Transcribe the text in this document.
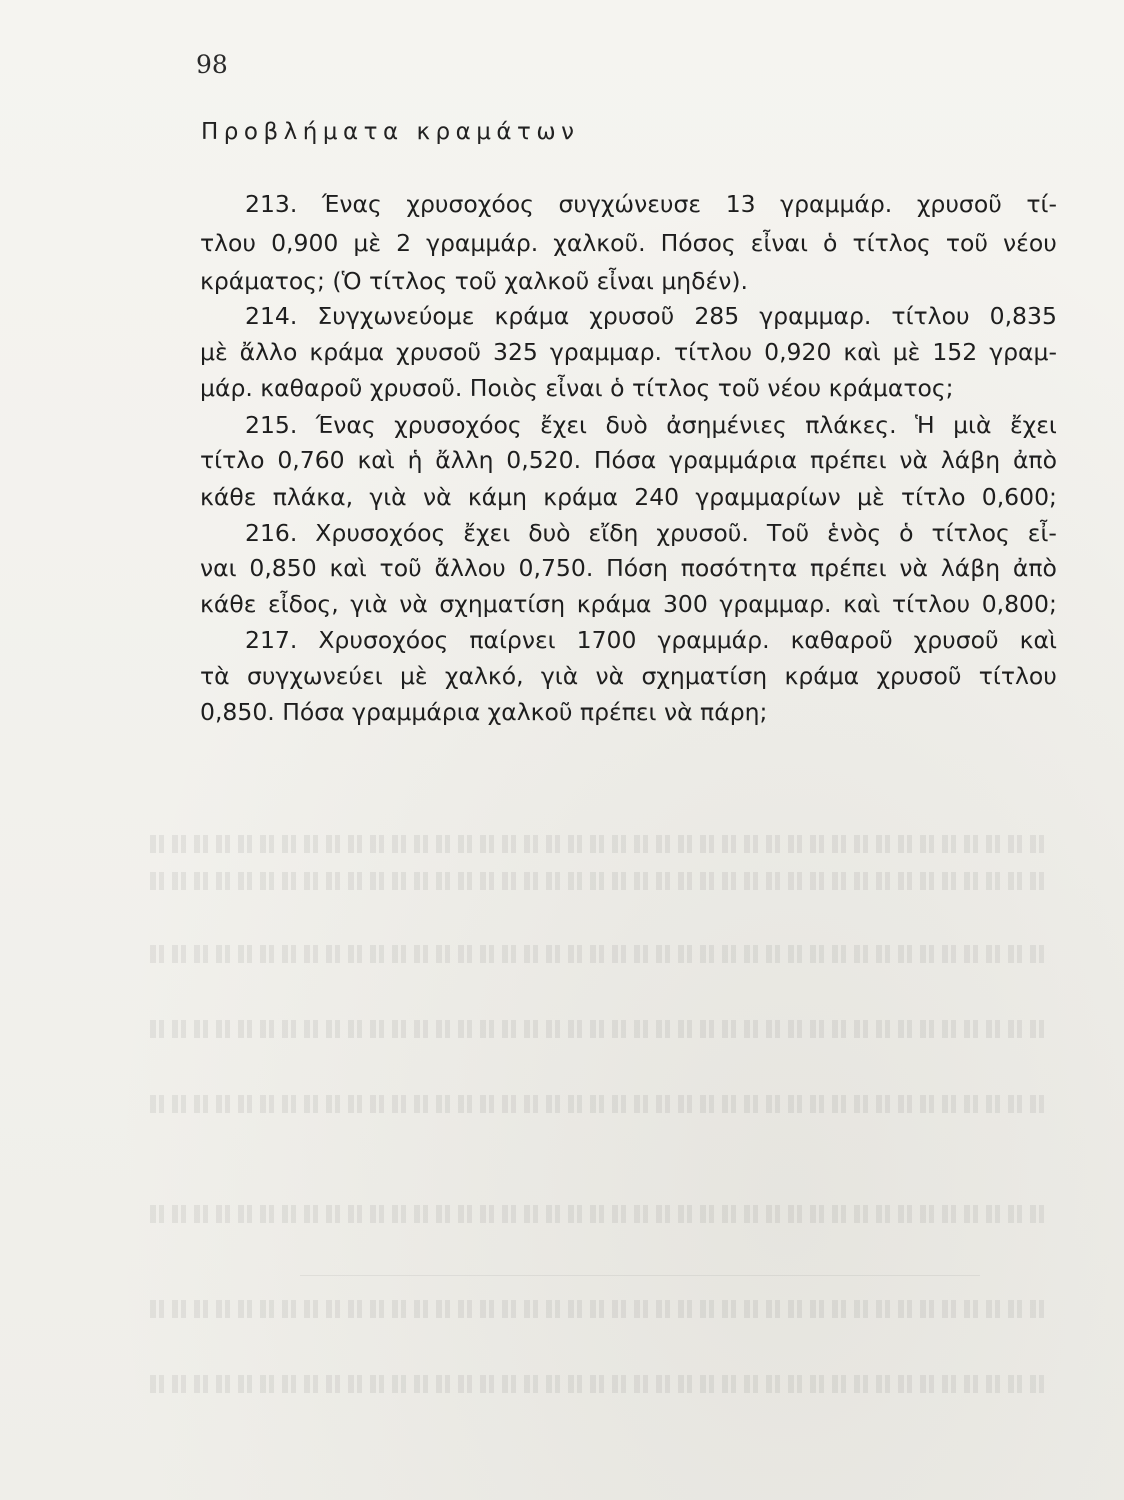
98
Προβλήματα κραμάτων
213. Ένας χρυσοχόος συγχώνευσε 13 γραμμάρ. χρυσοῦ τί-
τλου 0,900 μὲ 2 γραμμάρ. χαλκοῦ. Πόσος εἶναι ὁ τίτλος τοῦ νέου
κράματος; (Ὁ τίτλος τοῦ χαλκοῦ εἶναι μηδέν).
214. Συγχωνεύομε κράμα χρυσοῦ 285 γραμμαρ. τίτλου 0,835
μὲ ἄλλο κράμα χρυσοῦ 325 γραμμαρ. τίτλου 0,920 καὶ μὲ 152 γραμ-
μάρ. καθαροῦ χρυσοῦ. Ποιὸς εἶναι ὁ τίτλος τοῦ νέου κράματος;
215. Ένας χρυσοχόος ἔχει δυὸ ἀσημένιες πλάκες. Ἡ μιὰ ἔχει
τίτλο 0,760 καὶ ἡ ἄλλη 0,520. Πόσα γραμμάρια πρέπει νὰ λάβη ἀπὸ
κάθε πλάκα, γιὰ νὰ κάμη κράμα 240 γραμμαρίων μὲ τίτλο 0,600;
216. Χρυσοχόος ἔχει δυὸ εἴδη χρυσοῦ. Τοῦ ἑνὸς ὁ τίτλος εἶ-
ναι 0,850 καὶ τοῦ ἄλλου 0,750. Πόση ποσότητα πρέπει νὰ λάβη ἀπὸ
κάθε εἶδος, γιὰ νὰ σχηματίση κράμα 300 γραμμαρ. καὶ τίτλου 0,800;
217. Χρυσοχόος παίρνει 1700 γραμμάρ. καθαροῦ χρυσοῦ καὶ
τὰ συγχωνεύει μὲ χαλκό, γιὰ νὰ σχηματίση κράμα χρυσοῦ τίτλου
0,850. Πόσα γραμμάρια χαλκοῦ πρέπει νὰ πάρη;
